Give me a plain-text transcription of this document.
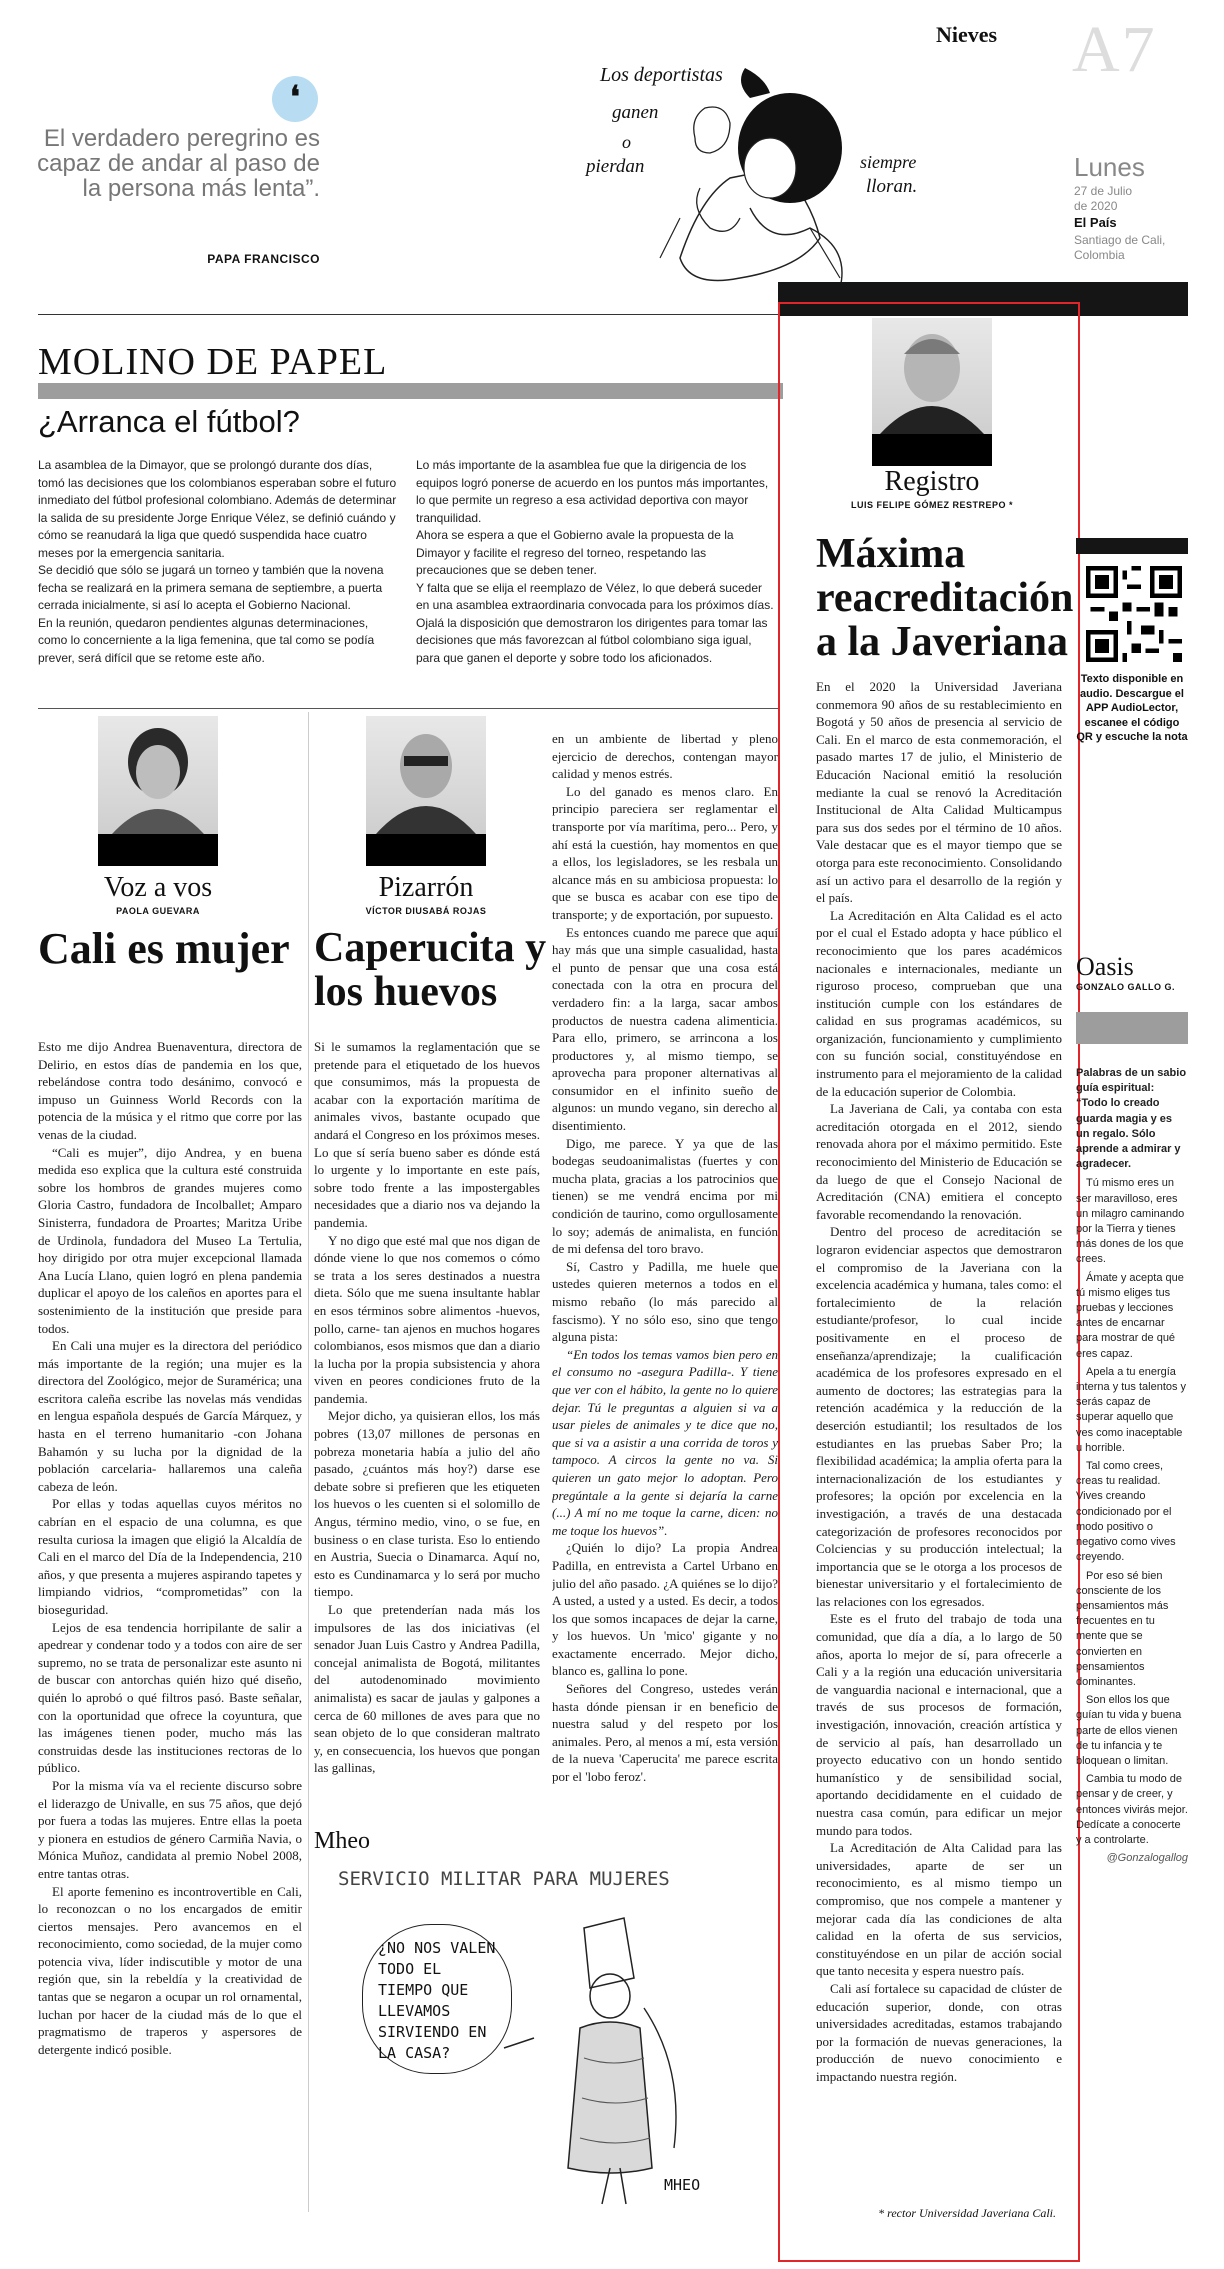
❛
El verdadero peregrino es capaz de andar al paso de la persona más lenta”.
PAPA FRANCISCO
Los deportistas
ganen
o
pierdan	siempre
lloran.
Nieves A7
Lunes
27 de Julio
de 2020
El País
Santiago de Cali,
Colombia
MOLINO DE PAPEL
¿Arranca el fútbol?
La asamblea de la Dimayor, que se prolongó durante dos días, tomó las decisiones que los colombianos esperaban sobre el futuro inmediato del fútbol profesional colombiano. Además de determinar la salida de su presidente Jorge Enrique Vélez, se definió cuándo y cómo se reanudará la liga que quedó suspendida hace cuatro meses por la emergencia sanitaria.
Se decidió que sólo se jugará un torneo y también que la novena fecha se realizará en la primera semana de septiembre, a puerta cerrada inicialmente, si así lo acepta el Gobierno Nacional.
En la reunión, quedaron pendientes algunas determinaciones, como lo concerniente a la liga femenina, que tal como se podía prever, será difícil que se retome este año.
Lo más importante de la asamblea fue que la dirigencia de los equipos logró ponerse de acuerdo en los puntos más importantes, lo que permite un regreso a esa actividad deportiva con mayor tranquilidad.
Ahora se espera a que el Gobierno avale la propuesta de la Dimayor y facilite el regreso del torneo, respetando las precauciones que se deben tener.
Y falta que se elija el reemplazo de Vélez, lo que deberá suceder en una asamblea extraordinaria convocada para los próximos días.
Ojalá la disposición que demostraron los dirigentes para tomar las decisiones que más favorezcan al fútbol colombiano siga igual, para que ganen el deporte y sobre todo los aficionados.
Voz a vos
PAOLA GUEVARA
Cali es mujer

Esto me dijo Andrea Buenaventura, directora de Delirio, en estos días de pandemia en los que, rebelándose contra todo desánimo, convocó e impuso un Guinness World Records con la potencia de la música y el ritmo que corre por las venas de la ciudad.

“Cali es mujer”, dijo Andrea, y en buena medida eso explica que la cultura esté construida sobre los hombros de grandes mujeres como Gloria Castro, fundadora de Incolballet; Amparo Sinisterra, fundadora de Proartes; Maritza Uribe de Urdinola, fundadora del Museo La Tertulia, hoy dirigido por otra mujer excepcional llamada Ana Lucía Llano, quien logró en plena pandemia duplicar el apoyo de los caleños en aportes para el sostenimiento de la institución que preside para todos.

En Cali una mujer es la directora del periódico más importante de la región; una mujer es la directora del Zoológico, mejor de Suramérica; una escritora caleña escribe las novelas más vendidas en lengua española después de García Márquez, y hasta en el terreno humanitario -con Johana Bahamón y su lucha por la dignidad de la población carcelaria- hallaremos una caleña cabeza de león.

Por ellas y todas aquellas cuyos méritos no cabrían en el espacio de una columna, es que resulta curiosa la imagen que eligió la Alcaldía de Cali en el marco del Día de la Independencia, 210 años, y que presenta a mujeres aspirando tapetes y limpiando vidrios, “comprometidas” con la bioseguridad.

Lejos de esa tendencia horripilante de salir a apedrear y condenar todo y a todos con aire de ser supremo, no se trata de personalizar este asunto ni de buscar con antorchas quién hizo qué diseño, quién lo aprobó o qué filtros pasó. Baste señalar, con la oportunidad que ofrece la coyuntura, que las imágenes tienen poder, mucho más las construidas desde las instituciones rectoras de lo público.

Por la misma vía va el reciente discurso sobre el liderazgo de Univalle, en sus 75 años, que dejó por fuera a todas las mujeres. Entre ellas la poeta y pionera en estudios de género Carmiña Navia, o Mónica Muñoz, candidata al premio Nobel 2008, entre tantas otras.

El aporte femenino es incontrovertible en Cali, lo reconozcan o no los encargados de emitir ciertos mensajes. Pero avancemos en el reconocimiento, como sociedad, de la mujer como potencia viva, líder indiscutible y motor de una región que, sin la rebeldía y la creatividad de tantas que se negaron a ocupar un rol ornamental, luchan por hacer de la ciudad más de lo que el pragmatismo de traperos y aspersores de detergente indicó posible.

Pizarrón
VÍCTOR DIUSABÁ ROJAS
Caperucita y los huevos

Si le sumamos la reglamentación que se pretende para el etiquetado de los huevos que consumimos, más la propuesta de acabar con la exportación marítima de animales vivos, bastante ocupado que andará el Congreso en los próximos meses. Lo que sí sería bueno saber es dónde está lo urgente y lo importante en este país, sobre todo frente a las impostergables necesidades que a diario nos va dejando la pandemia.

Y no digo que esté mal que nos digan de dónde viene lo que nos comemos o cómo se trata a los seres destinados a nuestra dieta. Sólo que me suena insultante hablar en esos términos sobre alimentos -huevos, pollo, carne- tan ajenos en muchos hogares colombianos, esos mismos que dan a diario la lucha por la propia subsistencia y ahora viven en peores condiciones fruto de la pandemia.

Mejor dicho, ya quisieran ellos, los más pobres (13,07 millones de personas en pobreza monetaria había a julio del año pasado, ¿cuántos más hoy?) darse ese debate sobre si prefieren que les etiqueten los huevos o les cuenten si el solomillo de Angus, término medio, vino, o se fue, en business o en clase turista. Eso lo entiendo en Austria, Suecia o Dinamarca. Aquí no, esto es Cundinamarca y lo será por mucho tiempo.

Lo que pretenderían nada más los impulsores de las dos iniciativas (el senador Juan Luis Castro y Andrea Padilla, concejal animalista de Bogotá, militantes del autodenominado movimiento animalista) es sacar de jaulas y galpones a cerca de 60 millones de aves para que no sean objeto de lo que consideran maltrato y, en consecuencia, los huevos que pongan las gallinas,

en un ambiente de libertad y pleno ejercicio de derechos, contengan mayor calidad y menos estrés.

Lo del ganado es menos claro. En principio pareciera ser reglamentar el transporte por vía marítima, pero... Pero, y ahí está la cuestión, hay momentos en que a ellos, los legisladores, se les resbala un alcance más en su ambiciosa propuesta: lo que se busca es acabar con ese tipo de transporte; y de exportación, por supuesto.

Es entonces cuando me parece que aquí hay más que una simple casualidad, hasta el punto de pensar que una cosa está conectada con la otra en procura del verdadero fin: a la larga, sacar ambos productos de nuestra cadena alimenticia. Para ello, primero, se arrincona a los productores y, al mismo tiempo, se aprovecha para proponer alternativas al consumidor en el infinito sueño de algunos: un mundo vegano, sin derecho al disentimiento.

Digo, me parece. Y ya que de las bodegas seudoanimalistas (fuertes y con mucha plata, gracias a los patrocinios que tienen) se me vendrá encima por mi condición de taurino, como orgullosamente lo soy; además de animalista, en función de mi defensa del toro bravo.

Sí, Castro y Padilla, me huele que ustedes quieren meternos a todos en el mismo rebaño (lo más parecido al fascismo). Y no sólo eso, sino que tengo alguna pista:

“En todos los temas vamos bien pero en el consumo no -asegura Padilla-. Y tiene que ver con el hábito, la gente no lo quiere dejar. Tú le preguntas a alguien si va a usar pieles de animales y te dice que no, que si va a asistir a una corrida de toros y tampoco. A circos la gente no va. Si quieren un gato mejor lo adoptan. Pero pregúntale a la gente si dejaría la carne (...) A mí no me toque la carne, dicen: no me toque los huevos”.

¿Quién lo dijo? La propia Andrea Padilla, en entrevista a Cartel Urbano en julio del año pasado. ¿A quiénes se lo dijo? A usted, a usted y a usted. Es decir, a todos los que somos incapaces de dejar la carne, y los huevos. Un 'mico' gigante y no exactamente encerrado. Mejor dicho, blanco es, gallina lo pone.

Señores del Congreso, ustedes verán hasta dónde piensan ir en beneficio de nuestra salud y del respeto por los animales. Pero, al menos a mí, esta versión de la nueva 'Caperucita' me parece escrita por el 'lobo feroz'.

Mheo
SERVICIO MILITAR PARA MUJERES
¿NO NOS VALEN TODO EL TIEMPO QUE LLEVAMOS SIRVIENDO EN LA CASA?
MHEO
Registro
LUIS FELIPE GÓMEZ RESTREPO *
Máxima reacreditación a la Javeriana

En el 2020 la Universidad Javeriana conmemora 90 años de su restablecimiento en Bogotá y 50 años de presencia al servicio de Cali. En el marco de esta conmemoración, el pasado martes 17 de julio, el Ministerio de Educación Nacional emitió la resolución mediante la cual se renovó la Acreditación Institucional de Alta Calidad Multicampus para sus dos sedes por el término de 10 años. Vale destacar que es el mayor tiempo que se otorga para este reconocimiento. Consolidando así un activo para el desarrollo de la región y el país.

La Acreditación en Alta Calidad es el acto por el cual el Estado adopta y hace público el reconocimiento que los pares académicos nacionales e internacionales, mediante un riguroso proceso, comprueban que una institución cumple con los estándares de calidad en sus programas académicos, su organización, funcionamiento y cumplimiento con su función social, constituyéndose en instrumento para el mejoramiento de la calidad de la educación superior de Colombia.

La Javeriana de Cali, ya contaba con esta acreditación otorgada en el 2012, siendo renovada ahora por el máximo permitido. Este reconocimiento del Ministerio de Educación se da luego de que el Consejo Nacional de Acreditación (CNA) emitiera el concepto favorable recomendando la renovación.

Dentro del proceso de acreditación se lograron evidenciar aspectos que demostraron el compromiso de la Javeriana con la excelencia académica y humana, tales como: el fortalecimiento de la relación estudiante/profesor, lo cual incide positivamente en el proceso de enseñanza/aprendizaje; la cualificación académica de los profesores expresado en el aumento de doctores; las estrategias para la retención académica y la reducción de la deserción estudiantil; los resultados de los estudiantes en las pruebas Saber Pro; la flexibilidad académica; la amplia oferta para la internacionalización de los estudiantes y profesores; la opción por excelencia en la investigación, a través de una destacada categorización de profesores reconocidos por Colciencias y su producción intelectual; la importancia que se le otorga a los procesos de bienestar universitario y el fortalecimiento de las relaciones con los egresados.

Este es el fruto del trabajo de toda una comunidad, que día a día, a lo largo de 50 años, aporta lo mejor de sí, para ofrecerle a Cali y a la región una educación universitaria de vanguardia nacional e internacional, que a través de sus procesos de formación, investigación, innovación, creación artística y de servicio al país, han desarrollado un proyecto educativo con un hondo sentido humanístico y de sensibilidad social, aportando decididamente en el cuidado de nuestra casa común, para edificar un mejor mundo para todos.

La Acreditación de Alta Calidad para las universidades, aparte de ser un reconocimiento, es al mismo tiempo un compromiso, que nos compele a mantener y mejorar cada día las condiciones de alta calidad en la oferta de sus servicios, constituyéndose en un pilar de acción social que tanto necesita y espera nuestro país.

Cali así fortalece su capacidad de clúster de educación superior, donde, con otras universidades acreditadas, estamos trabajando por la formación de nuevas generaciones, la producción de nuevo conocimiento e impactando nuestra región.

* rector Universidad Javeriana Cali.
Texto disponible en audio. Descargue el APP AudioLector, escanee el código QR y escuche la nota
Oasis
GONZALO GALLO G.
Palabras de un sabio guía espiritual: “Todo lo creado guarda magia y es un regalo. Sólo aprende a admirar y agradecer.
Tú mismo eres un ser maravilloso, eres un milagro caminando por la Tierra y tienes más dones de los que crees.
Ámate y acepta que tú mismo eliges tus pruebas y lecciones antes de encarnar para mostrar de qué eres capaz.
Apela a tu energía interna y tus talentos y serás capaz de superar aquello que ves como inaceptable u horrible.
Tal como crees, creas tu realidad. Vives creando condicionado por el modo positivo o negativo como vives creyendo.
Por eso sé bien consciente de los pensamientos más frecuentes en tu mente que se convierten en pensamientos dominantes.
Son ellos los que guían tu vida y buena parte de ellos vienen de tu infancia y te bloquean o limitan.
Cambia tu modo de pensar y de creer, y entonces vivirás mejor. Dedícate a conocerte y a controlarte.
@Gonzalogallog
